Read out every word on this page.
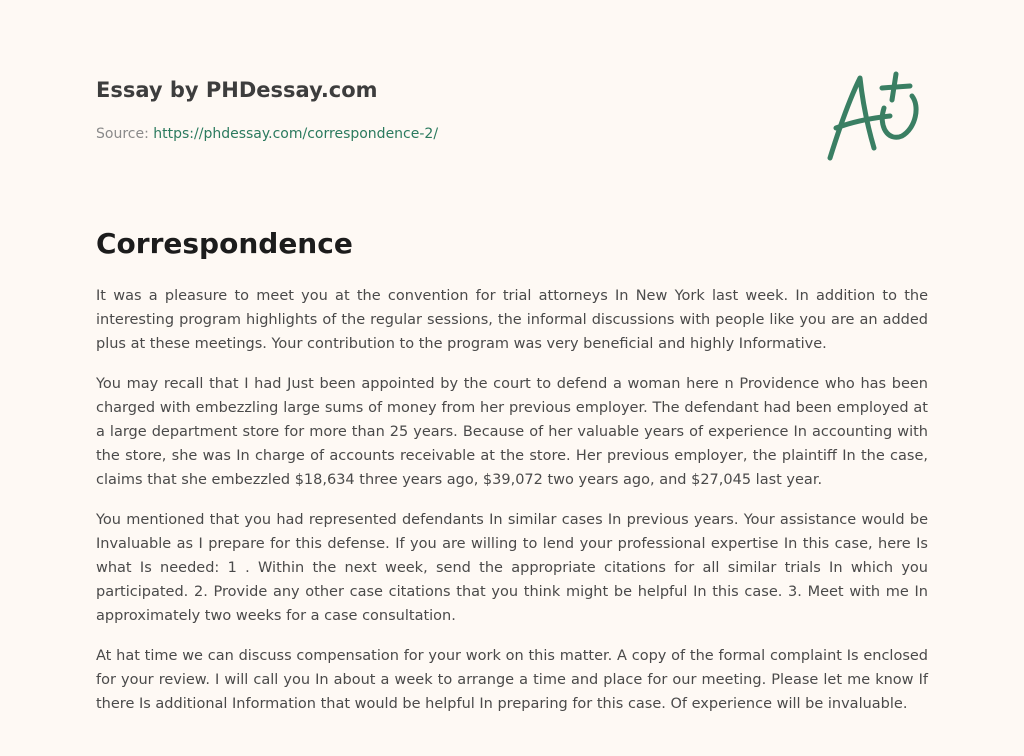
Essay by PHDessay.com
Source: https://phdessay.com/correspondence-2/
Correspondence

It was a pleasure to meet you at the convention for trial attorneys In New York last week. In addition to the interesting program highlights of the regular sessions, the informal discussions with people like you are an added plus at these meetings. Your contribution to the program was very beneficial and highly Informative.

You may recall that I had Just been appointed by the court to defend a woman here n Providence who has been charged with embezzling large sums of money from her previous employer. The defendant had been employed at a large department store for more than 25 years. Because of her valuable years of experience In accounting with the store, she was In charge of accounts receivable at the store. Her previous employer, the plaintiff In the case, claims that she embezzled $18,634 three years ago, $39,072 two years ago, and $27,045 last year.

You mentioned that you had represented defendants In similar cases In previous years. Your assistance would be Invaluable as I prepare for this defense. If you are willing to lend your professional expertise In this case, here Is what Is needed: 1 . Within the next week, send the appropriate citations for all similar trials In which you participated. 2. Provide any other case citations that you think might be helpful In this case. 3. Meet with me In approximately two weeks for a case consultation.

At hat time we can discuss compensation for your work on this matter. A copy of the formal complaint Is enclosed for your review. I will call you In about a week to arrange a time and place for our meeting. Please let me know If there Is additional Information that would be helpful In preparing for this case. Of experience will be invaluable.
